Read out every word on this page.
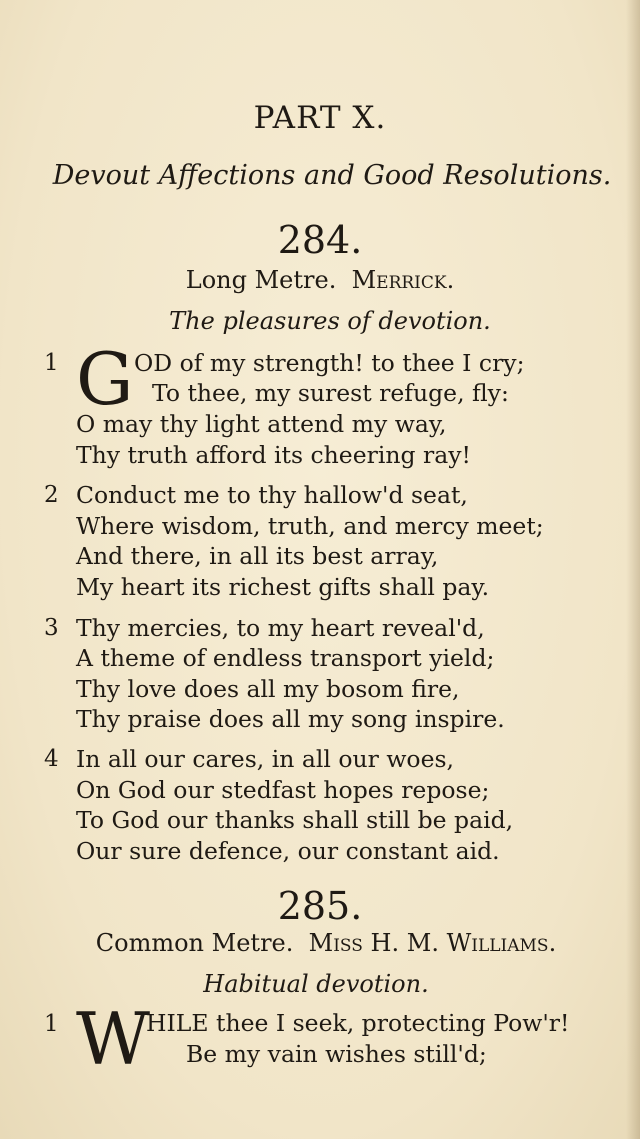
PART X.
Devout Affections and Good Resolutions.
284.
Long Metre. Merrick.
The pleasures of devotion.
1 G OD of my strength! to thee I cry;
To thee, my surest refuge, fly:
O may thy light attend my way,
Thy truth afford its cheering ray!
2 Conduct me to thy hallow'd seat,
Where wisdom, truth, and mercy meet;
And there, in all its best array,
My heart its richest gifts shall pay.
3 Thy mercies, to my heart reveal'd,
A theme of endless transport yield;
Thy love does all my bosom fire,
Thy praise does all my song inspire.
4 In all our cares, in all our woes,
On God our stedfast hopes repose;
To God our thanks shall still be paid,
Our sure defence, our constant aid.
285.
Common Metre. Miss H. M. Williams.
Habitual devotion.
1 W
HILE thee I seek, protecting Pow'r!
Be my vain wishes still'd;
